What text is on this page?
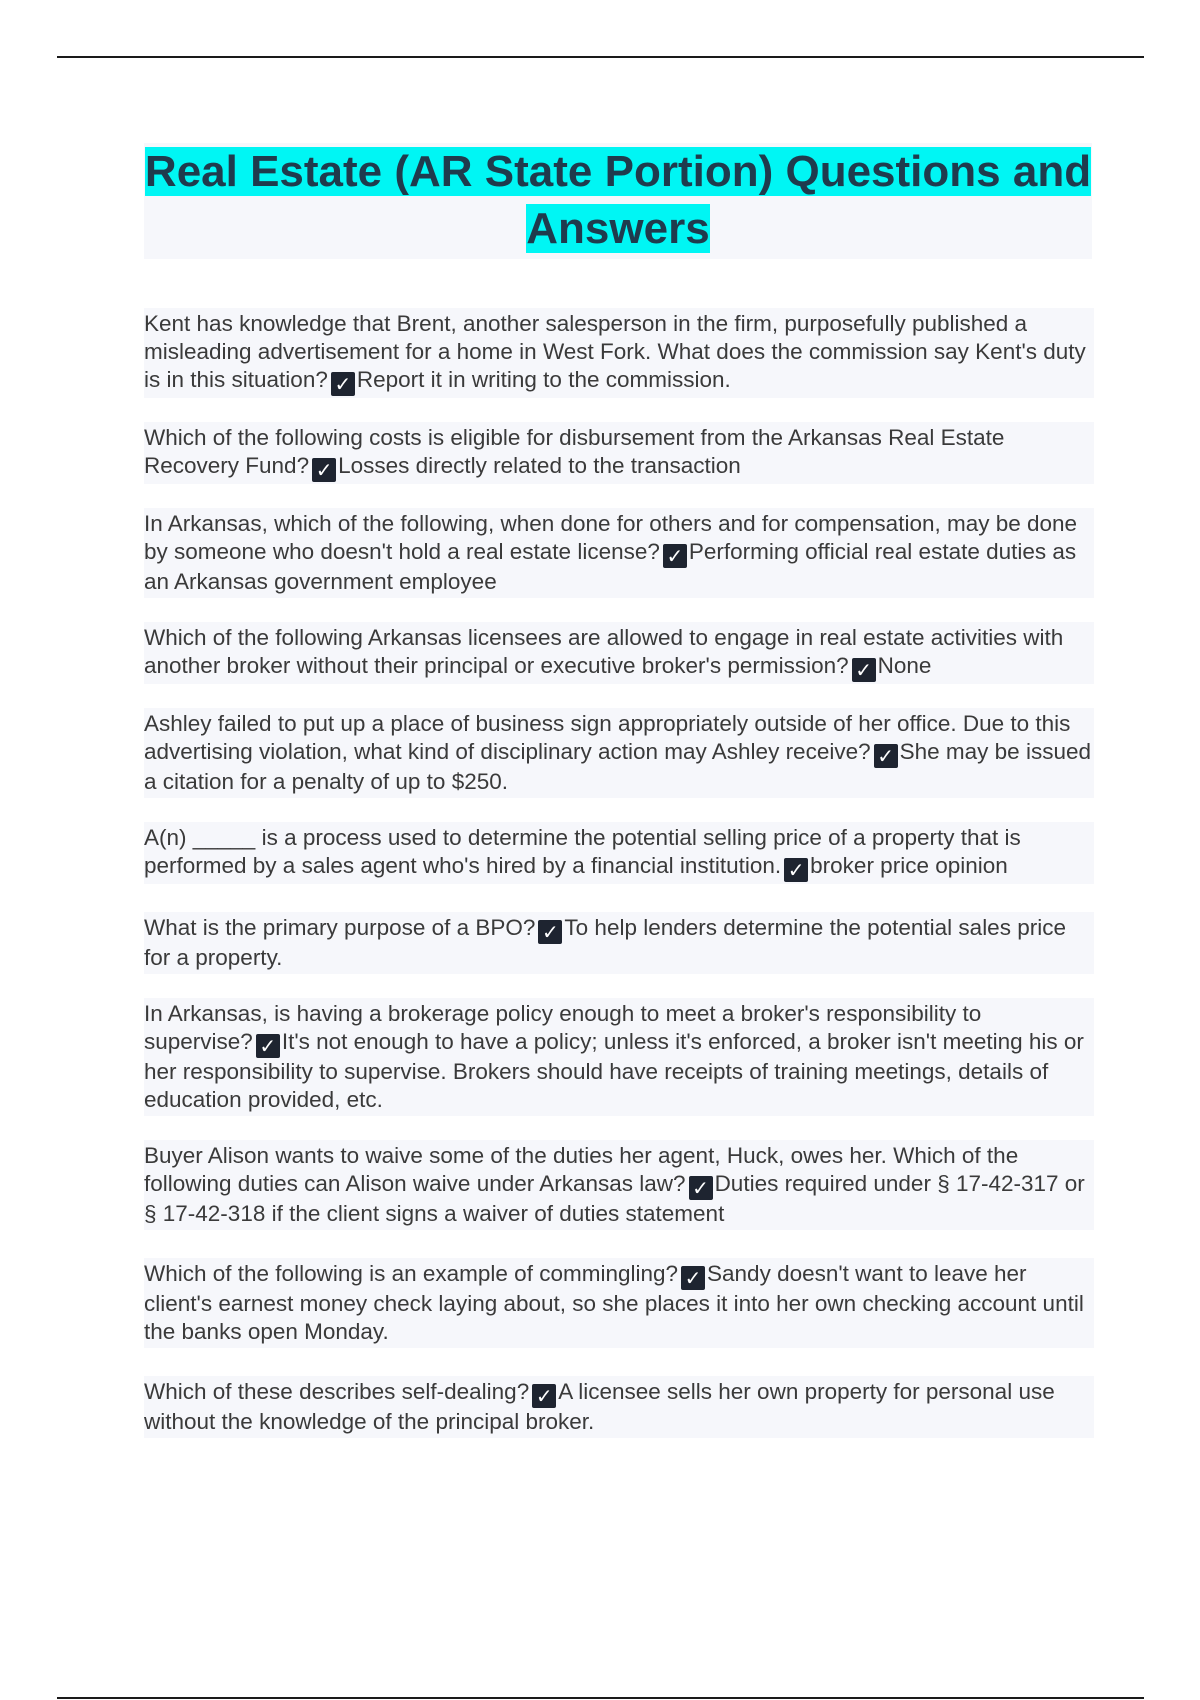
Real Estate (AR State Portion) Questions and Answers

Kent has knowledge that Brent, another salesperson in the firm, purposefully published a misleading advertisement for a home in West Fork. What does the commission say Kent's duty is in this situation? ✓ Report it in writing to the commission.

Which of the following costs is eligible for disbursement from the Arkansas Real Estate Recovery Fund? ✓ Losses directly related to the transaction

In Arkansas, which of the following, when done for others and for compensation, may be done by someone who doesn't hold a real estate license? ✓ Performing official real estate duties as an Arkansas government employee

Which of the following Arkansas licensees are allowed to engage in real estate activities with another broker without their principal or executive broker's permission? ✓ None

Ashley failed to put up a place of business sign appropriately outside of her office. Due to this advertising violation, what kind of disciplinary action may Ashley receive? ✓ She may be issued a citation for a penalty of up to $250.

A(n) _____ is a process used to determine the potential selling price of a property that is performed by a sales agent who's hired by a financial institution. ✓ broker price opinion

What is the primary purpose of a BPO? ✓ To help lenders determine the potential sales price for a property.

In Arkansas, is having a brokerage policy enough to meet a broker's responsibility to supervise? ✓ It's not enough to have a policy; unless it's enforced, a broker isn't meeting his or her responsibility to supervise. Brokers should have receipts of training meetings, details of education provided, etc.

Buyer Alison wants to waive some of the duties her agent, Huck, owes her. Which of the following duties can Alison waive under Arkansas law? ✓ Duties required under § 17-42-317 or § 17-42-318 if the client signs a waiver of duties statement

Which of the following is an example of commingling? ✓ Sandy doesn't want to leave her client's earnest money check laying about, so she places it into her own checking account until the banks open Monday.

Which of these describes self-dealing? ✓ A licensee sells her own property for personal use without the knowledge of the principal broker.
